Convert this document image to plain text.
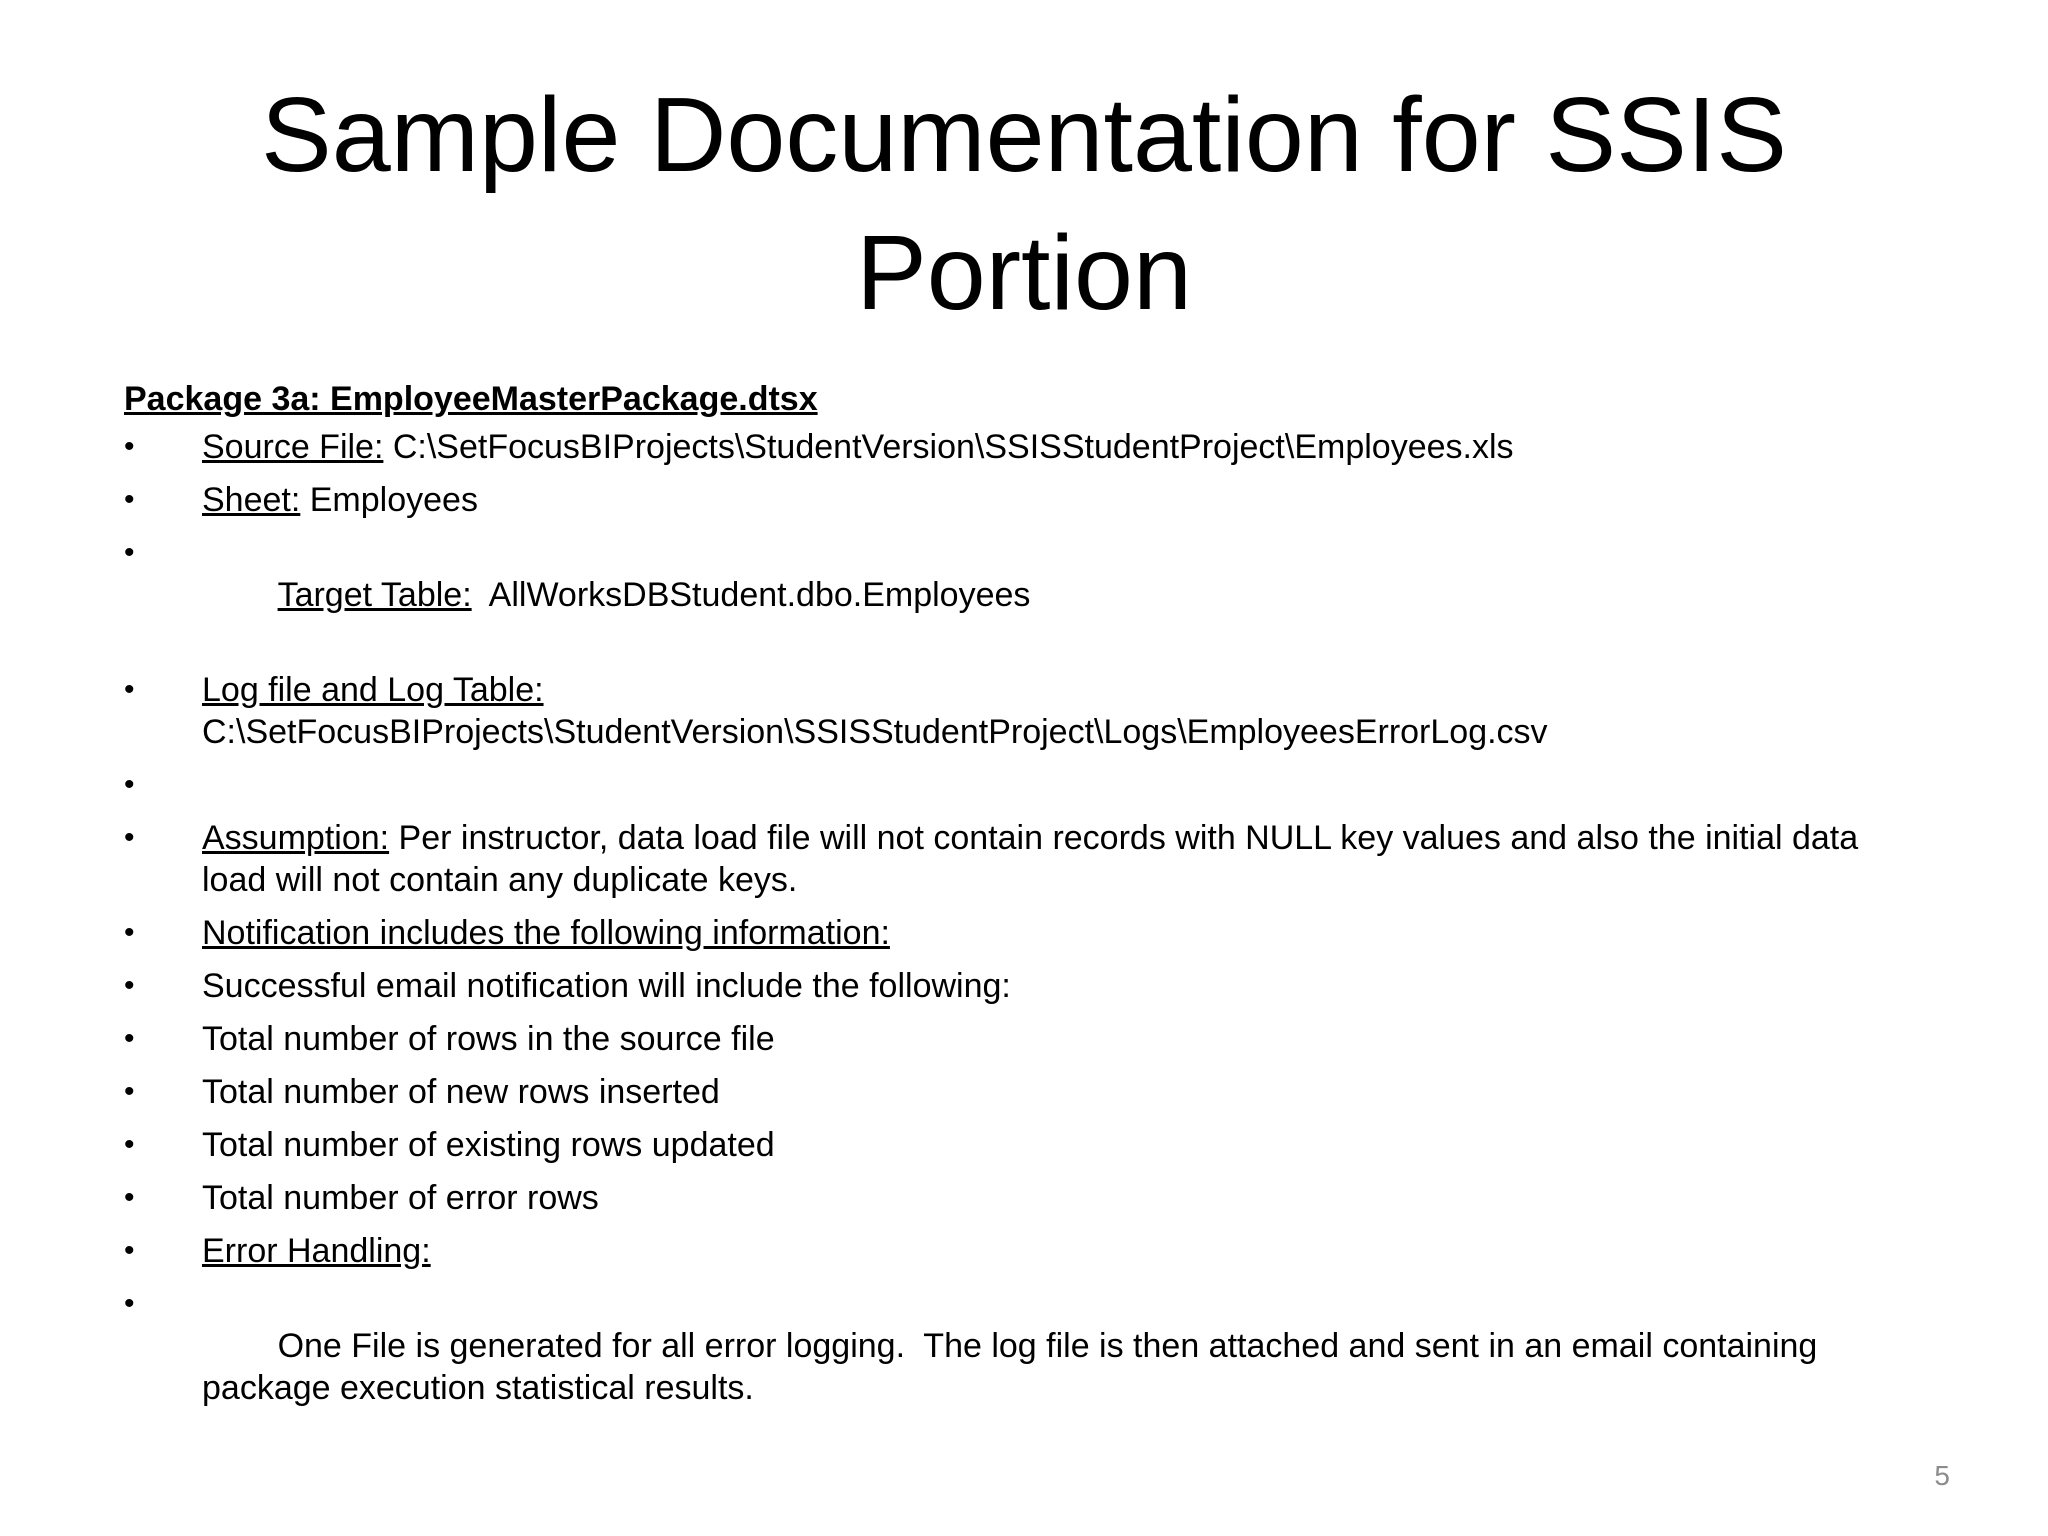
Sample Documentation for SSIS
Portion

Package 3a: EmployeeMasterPackage.dtsx

•	Source File: C:\SetFocusBIProjects\StudentVersion\SSISStudentProject\Employees.xls
•	Sheet: Employees

•
Target Table:  AllWorksDBStudent.dbo.Employees

•	Log file and Log Table:
C:\SetFocusBIProjects\StudentVersion\SSISStudentProject\Logs\EmployeesErrorLog.csv
•
•	Assumption: Per instructor, data load file will not contain records with NULL key values and also the initial data load will not contain any duplicate keys.
•	Notification includes the following information:
•	Successful email notification will include the following:
•	Total number of rows in the source file
•	Total number of new rows inserted
•	Total number of existing rows updated
•	Total number of error rows
•	Error Handling:

•
One File is generated for all error logging.  The log file is then attached and sent in an email containing package execution statistical results.

5
